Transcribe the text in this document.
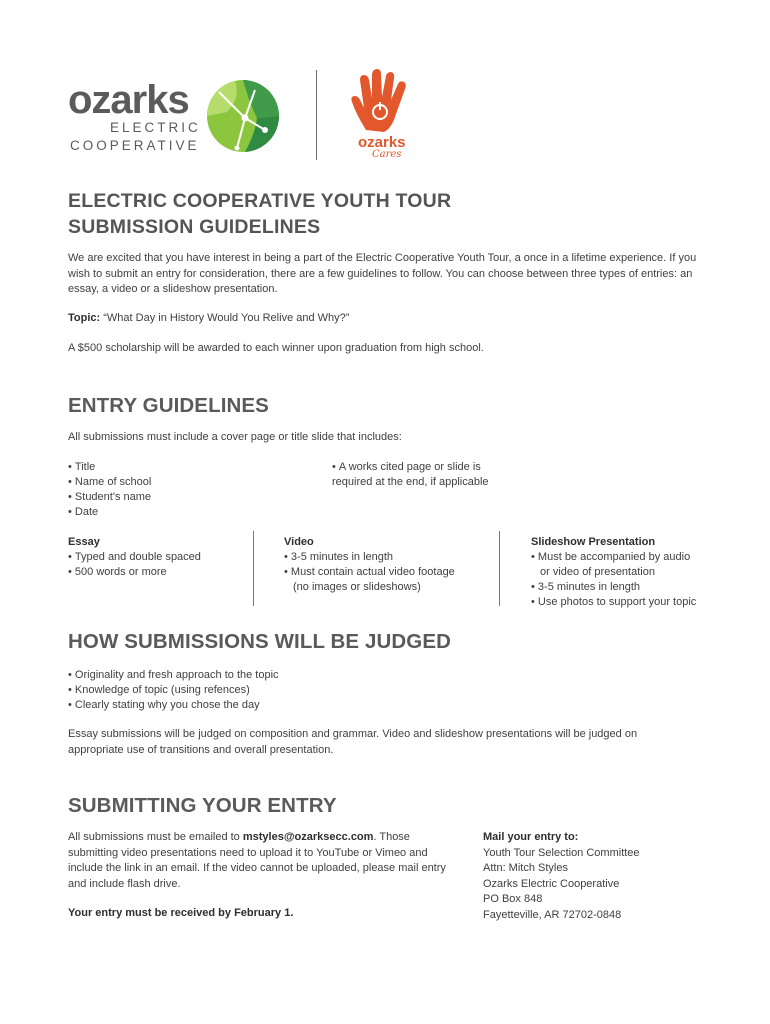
ozarks
ELECTRIC
COOPERATIVE	ozarks
Cares
ELECTRIC COOPERATIVE YOUTH TOUR
SUBMISSION GUIDELINES
We are excited that you have interest in being a part of the Electric Cooperative Youth Tour, a once in a lifetime experience. If you wish to submit an entry for consideration, there are a few guidelines to follow. You can choose between three types of entries: an essay, a video or a slideshow presentation.
Topic: “What Day in History Would You Relive and Why?”
A $500 scholarship will be awarded to each winner upon graduation from high school.
ENTRY GUIDELINES
All submissions must include a cover page or title slide that includes:
• Title
• Name of school
• Student's name
• Date
• A works cited page or slide is
required at the end, if applicable
Essay
• Typed and double spaced
• 500 words or more
Video
• 3-5 minutes in length
• Must contain actual video footage
(no images or slideshows)
Slideshow Presentation
• Must be accompanied by audio
or video of presentation
• 3-5 minutes in length
• Use photos to support your topic
HOW SUBMISSIONS WILL BE JUDGED
• Originality and fresh approach to the topic
• Knowledge of topic (using refences)
• Clearly stating why you chose the day
Essay submissions will be judged on composition and grammar. Video and slideshow presentations will be judged on appropriate use of transitions and overall presentation.
SUBMITTING YOUR ENTRY
All submissions must be emailed to mstyles@ozarksecc.com. Those submitting video presentations need to upload it to YouTube or Vimeo and include the link in an email. If the video cannot be uploaded, please mail entry and include flash drive.
Your entry must be received by February 1.
Mail your entry to:
Youth Tour Selection Committee
Attn: Mitch Styles
Ozarks Electric Cooperative
PO Box 848
Fayetteville, AR 72702-0848
